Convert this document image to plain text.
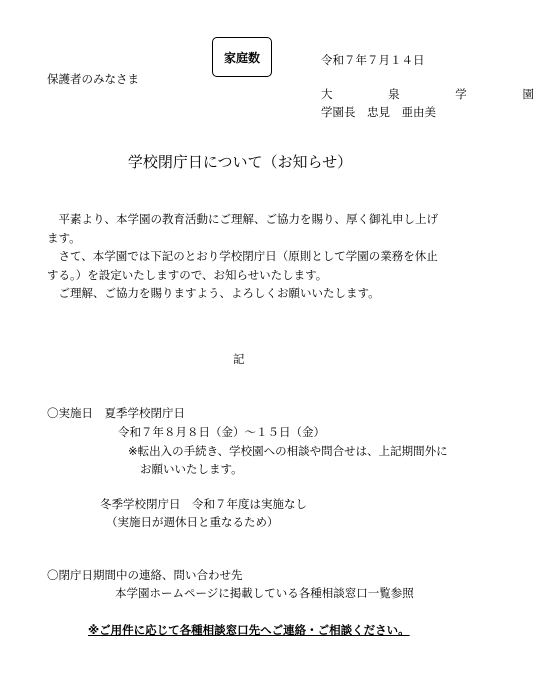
家庭数	令和７年７月１４日
保護者のみなさま
大 泉 学 園
学園長　忠見　亜由美
学校閉庁日について（お知らせ）

平素より、本学園の教育活動にご理解、ご協力を賜り、厚く御礼申し上げます。

さて、本学園では下記のとおり学校閉庁日（原則として学園の業務を休止する。）を設定いたしますので、お知らせいたします。

ご理解、ご協力を賜りますよう、よろしくお願いいたします。

記
〇実施日　夏季学校閉庁日
令和７年８月８日（金）～１５日（金）
※転出入の手続き、学校園への相談や問合せは、上記期間外に
お願いいたします。
冬季学校閉庁日　令和７年度は実施なし
（実施日が週休日と重なるため）
〇閉庁日期間中の連絡、問い合わせ先
本学園ホームページに掲載している各種相談窓口一覧参照
※ご用件に応じて各種相談窓口先へご連絡・ご相談ください。
